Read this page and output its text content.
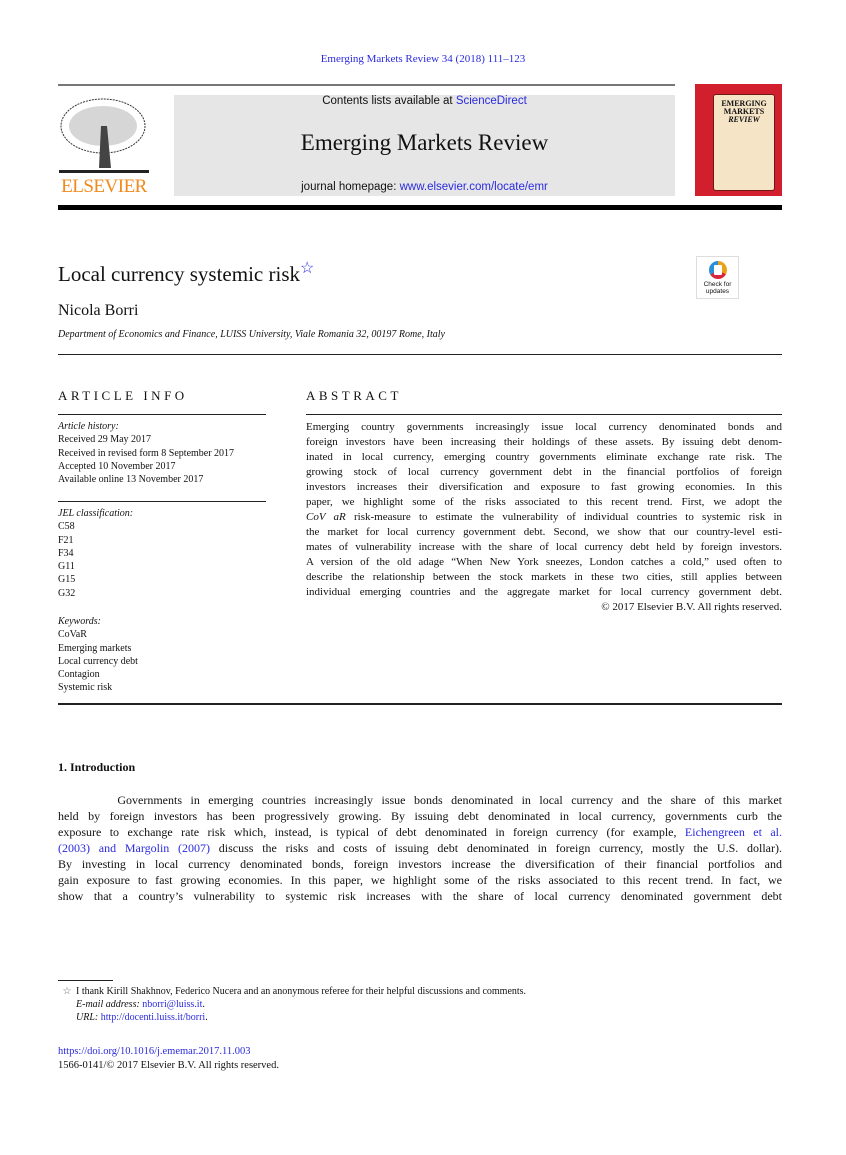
Emerging Markets Review 34 (2018) 111–123
ELSEVIER
Contents lists available at ScienceDirect
Emerging Markets Review
journal homepage: www.elsevier.com/locate/emr
EMERGING
MARKETS
REVIEW
Local currency systemic risk☆
Check for
updates
Nicola Borri
Department of Economics and Finance, LUISS University, Viale Romania 32, 00197 Rome, Italy
ARTICLE INFO
Article history:
Received 29 May 2017
Received in revised form 8 September 2017
Accepted 10 November 2017
Available online 13 November 2017
JEL classification:
C58
F21
F34
G11
G15
G32
Keywords:
CoVaR
Emerging markets
Local currency debt
Contagion
Systemic risk
ABSTRACT
Emerging country governments increasingly issue local currency denominated bonds and
foreign investors have been increasing their holdings of these assets. By issuing debt denom-
inated in local currency, emerging country governments eliminate exchange rate risk. The
growing stock of local currency government debt in the financial portfolios of foreign
investors increases their diversification and exposure to fast growing economies. In this
paper, we highlight some of the risks associated to this recent trend. First, we adopt the
CoV aR risk-measure to estimate the vulnerability of individual countries to systemic risk in
the market for local currency government debt. Second, we show that our country-level esti-
mates of vulnerability increase with the share of local currency debt held by foreign investors.
A version of the old adage “When New York sneezes, London catches a cold,” used often to
describe the relationship between the stock markets in these two cities, still applies between
individual emerging countries and the aggregate market for local currency government debt.
© 2017 Elsevier B.V. All rights reserved.
1. Introduction
Governments in emerging countries increasingly issue bonds denominated in local currency and the share of this market
held by foreign investors has been progressively growing. By issuing debt denominated in local currency, governments curb the
exposure to exchange rate risk which, instead, is typical of debt denominated in foreign currency (for example, Eichengreen et al.
(2003) and Margolin (2007) discuss the risks and costs of issuing debt denominated in foreign currency, mostly the U.S. dollar).
By investing in local currency denominated bonds, foreign investors increase the diversification of their financial portfolios and
gain exposure to fast growing economies. In this paper, we highlight some of the risks associated to this recent trend. In fact, we
show that a country’s vulnerability to systemic risk increases with the share of local currency denominated government debt
☆ I thank Kirill Shakhnov, Federico Nucera and an anonymous referee for their helpful discussions and comments.
E-mail address: nborri@luiss.it.
URL: http://docenti.luiss.it/borri.
https://doi.org/10.1016/j.ememar.2017.11.003
1566-0141/© 2017 Elsevier B.V. All rights reserved.
